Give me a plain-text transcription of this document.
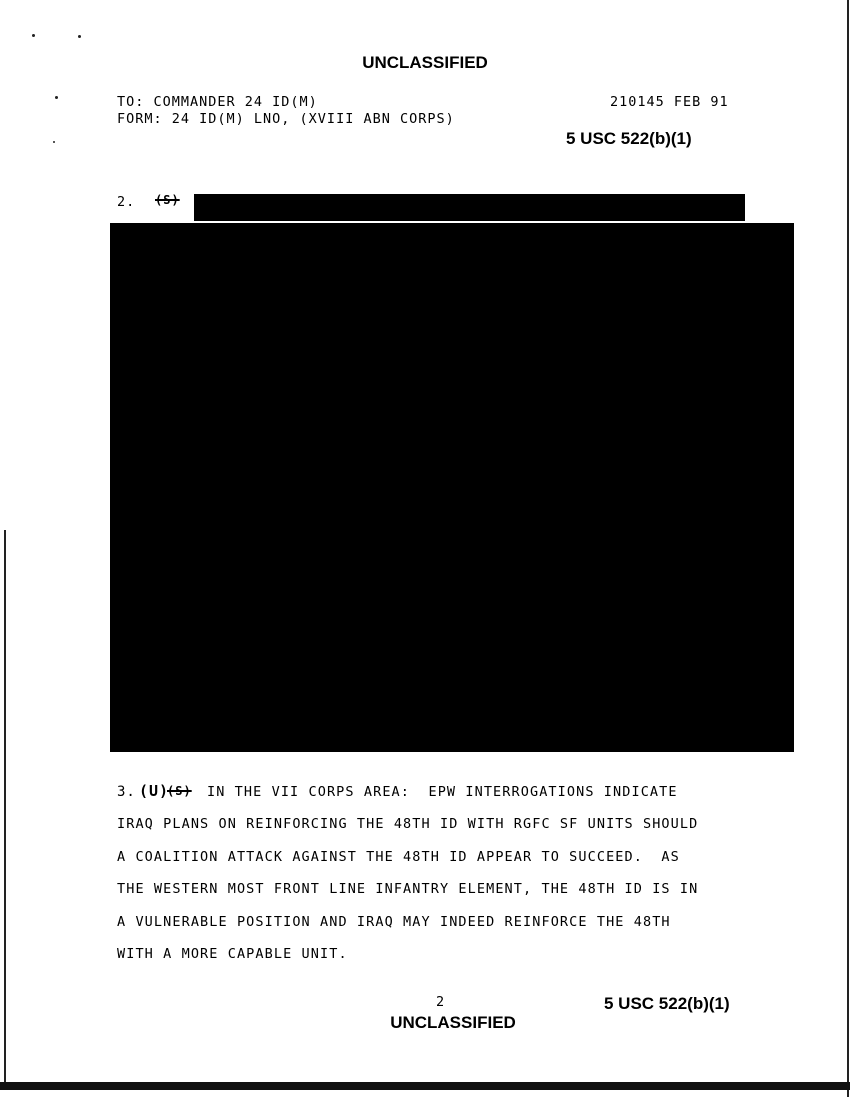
UNCLASSIFIED
TO: COMMANDER 24 ID(M)
FORM: 24 ID(M) LNO, (XVIII ABN CORPS)
210145 FEB 91
5 USC 522(b)(1)
2. (S)
3. (U)
(S) IN THE VII CORPS AREA:  EPW INTERROGATIONS INDICATE
IRAQ PLANS ON REINFORCING THE 48TH ID WITH RGFC SF UNITS SHOULD
A COALITION ATTACK AGAINST THE 48TH ID APPEAR TO SUCCEED.  AS
THE WESTERN MOST FRONT LINE INFANTRY ELEMENT, THE 48TH ID IS IN
A VULNERABLE POSITION AND IRAQ MAY INDEED REINFORCE THE 48TH
WITH A MORE CAPABLE UNIT.
2	5 USC 522(b)(1)
UNCLASSIFIED
